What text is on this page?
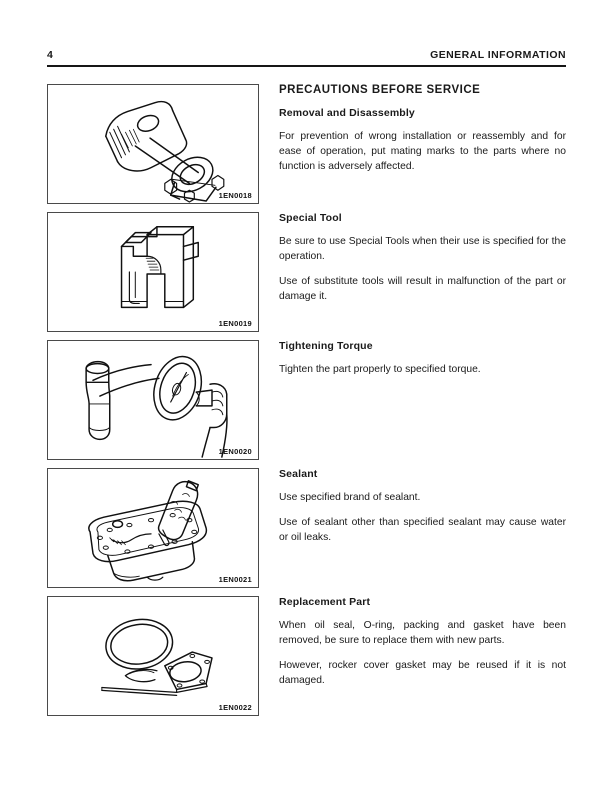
4	GENERAL INFORMATION
1EN0018
PRECAUTIONS BEFORE SERVICE
Removal and Disassembly

For prevention of wrong installation or reassembly and for ease of operation, put mating marks to the parts where no function is adversely affected.

1EN0019
Special Tool

Be sure to use Special Tools when their use is specified for the operation.

Use of substitute tools will result in malfunction of the part or damage it.

1EN0020
Tightening Torque

Tighten the part properly to specified torque.

1EN0021
Sealant

Use specified brand of sealant.

Use of sealant other than specified sealant may cause water or oil leaks.

1EN0022
Replacement Part

When oil seal, O-ring, packing and gasket have been removed, be sure to replace them with new parts.

However, rocker cover gasket may be reused if it is not damaged.
